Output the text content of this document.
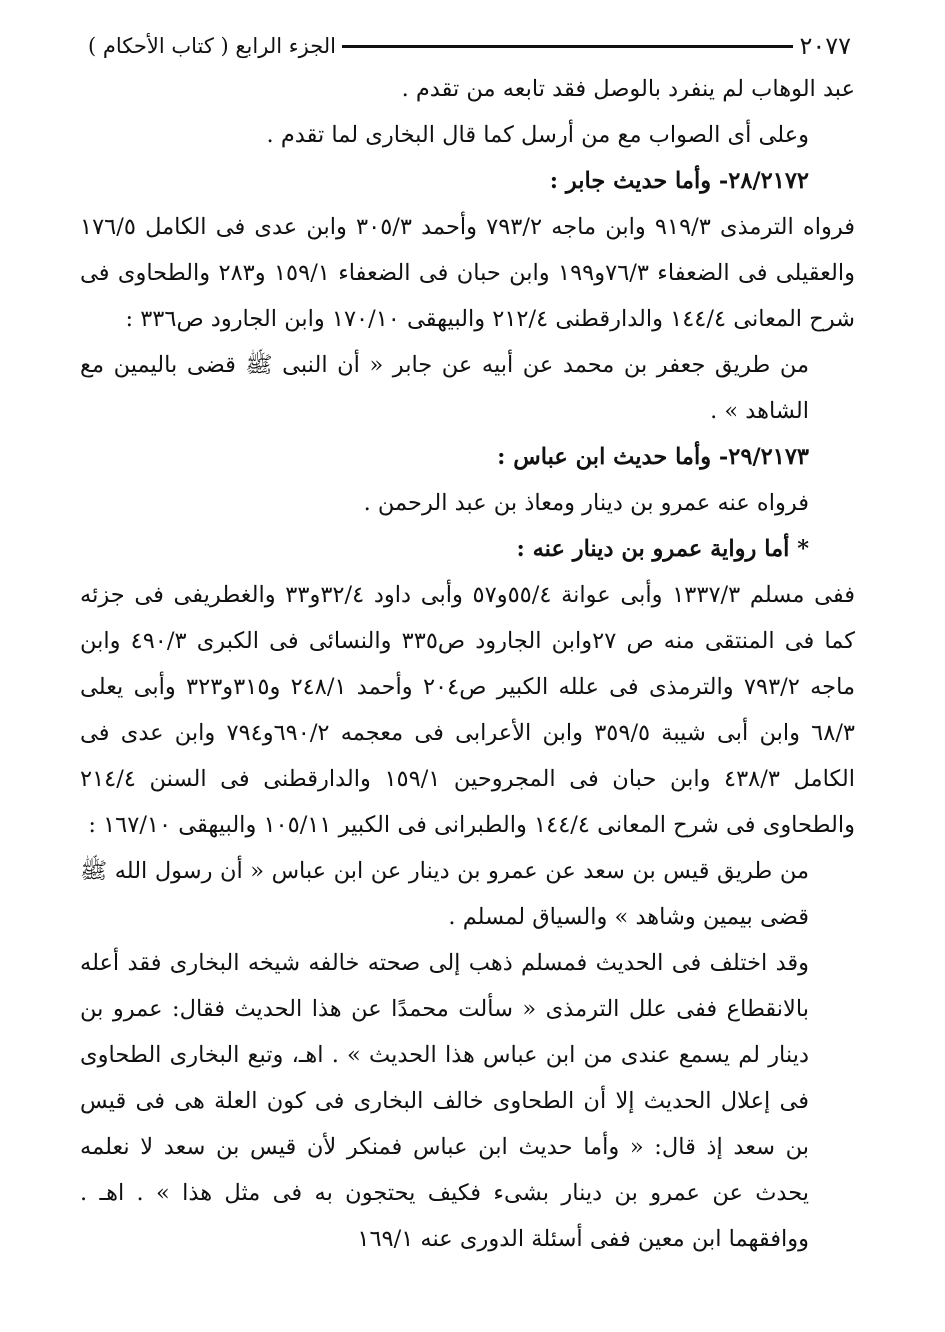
٢٠٧٧
الجزء الرابع ( كتاب الأحكام )

عبد الوهاب لم ينفرد بالوصل فقد تابعه من تقدم .

وعلى أى الصواب مع من أرسل كما قال البخارى لما تقدم .

٢٨/٢١٧٢- وأما حديث جابر :

فرواه الترمذى ٩١٩/٣ وابن ماجه ٧٩٣/٢ وأحمد ٣٠٥/٣ وابن عدى فى الكامل ١٧٦/٥ والعقيلى فى الضعفاء ٧٦/٣و١٩٩ وابن حبان فى الضعفاء ١٥٩/١ و٢٨٣ والطحاوى فى شرح المعانى ١٤٤/٤ والدارقطنى ٢١٢/٤ والبيهقى ١٧٠/١٠ وابن الجارود ص٣٣٦ :

من طريق جعفر بن محمد عن أبيه عن جابر « أن النبى ﷺ قضى باليمين مع الشاهد » .

٢٩/٢١٧٣- وأما حديث ابن عباس :

فرواه عنه عمرو بن دينار ومعاذ بن عبد الرحمن .

* أما رواية عمرو بن دينار عنه :

ففى مسلم ١٣٣٧/٣ وأبى عوانة ٥٥/٤و٥٧ وأبى داود ٣٢/٤و٣٣ والغطريفى فى جزئه كما فى المنتقى منه ص ٢٧وابن الجارود ص٣٣٥ والنسائى فى الكبرى ٤٩٠/٣ وابن ماجه ٧٩٣/٢ والترمذى فى علله الكبير ص٢٠٤ وأحمد ٢٤٨/١ و٣١٥و٣٢٣ وأبى يعلى ٦٨/٣ وابن أبى شيبة ٣٥٩/٥ وابن الأعرابى فى معجمه ٦٩٠/٢و٧٩٤ وابن عدى فى الكامل ٤٣٨/٣ وابن حبان فى المجروحين ١٥٩/١ والدارقطنى فى السنن ٢١٤/٤ والطحاوى فى شرح المعانى ١٤٤/٤ والطبرانى فى الكبير ١٠٥/١١ والبيهقى ١٦٧/١٠ :

من طريق قيس بن سعد عن عمرو بن دينار عن ابن عباس « أن رسول الله ﷺ قضى بيمين وشاهد » والسياق لمسلم .

وقد اختلف فى الحديث فمسلم ذهب إلى صحته خالفه شيخه البخارى فقد أعله بالانقطاع ففى علل الترمذى « سألت محمدًا عن هذا الحديث فقال: عمرو بن دينار لم يسمع عندى من ابن عباس هذا الحديث » . اهـ، وتبع البخارى الطحاوى فى إعلال الحديث إلا أن الطحاوى خالف البخارى فى كون العلة هى فى قيس بن سعد إذ قال: « وأما حديث ابن عباس فمنكر لأن قيس بن سعد لا نعلمه يحدث عن عمرو بن دينار بشىء فكيف يحتجون به فى مثل هذا » . اهـ . ووافقهما ابن معين ففى أسئلة الدورى عنه ١٦٩/١
